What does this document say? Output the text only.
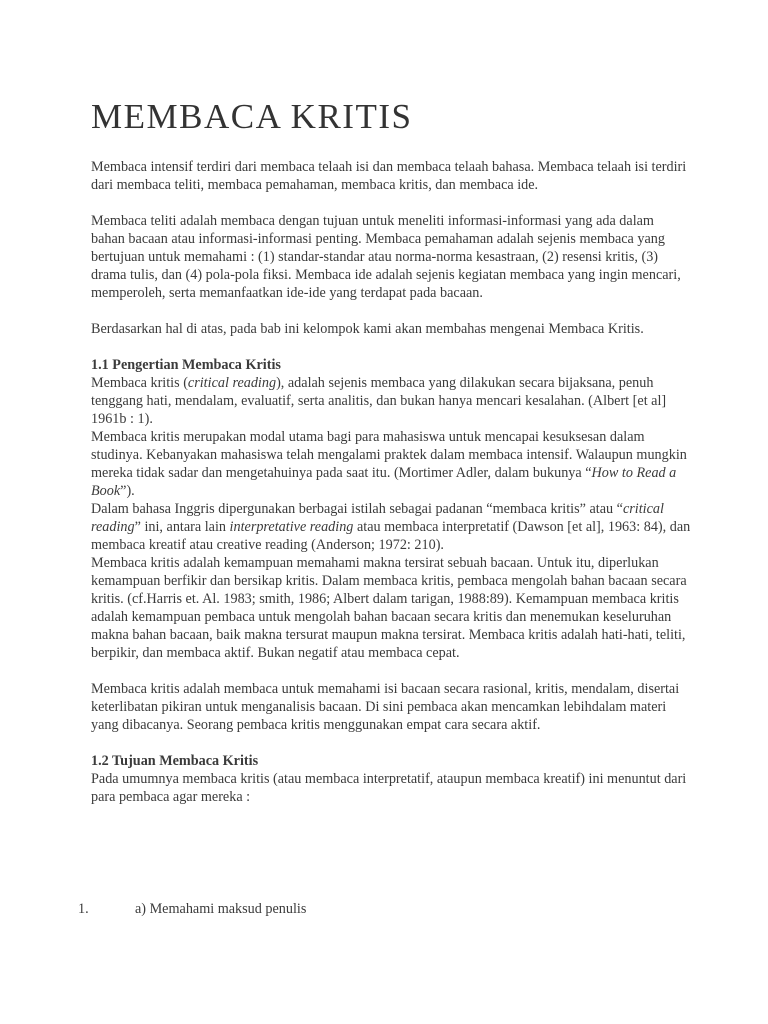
MEMBACA KRITIS

Membaca intensif terdiri dari membaca telaah isi dan membaca telaah bahasa. Membaca telaah isi terdiri dari membaca teliti, membaca pemahaman, membaca kritis, dan membaca ide.

Membaca teliti adalah membaca dengan tujuan untuk meneliti informasi-informasi yang ada dalam bahan bacaan atau informasi-informasi penting. Membaca pemahaman adalah sejenis membaca yang bertujuan untuk memahami : (1) standar-standar atau norma-norma kesastraan, (2) resensi kritis, (3) drama tulis, dan (4) pola-pola fiksi. Membaca ide adalah sejenis kegiatan membaca yang ingin mencari, memperoleh, serta memanfaatkan ide-ide yang terdapat pada bacaan.

Berdasarkan hal di atas, pada bab ini kelompok kami akan membahas mengenai Membaca Kritis.

1.1 Pengertian Membaca Kritis

Membaca kritis (critical reading), adalah sejenis membaca yang dilakukan secara bijaksana, penuh tenggang hati, mendalam, evaluatif, serta analitis, dan bukan hanya mencari kesalahan. (Albert [et al] 1961b : 1).

Membaca kritis merupakan modal utama bagi para mahasiswa untuk mencapai kesuksesan dalam studinya. Kebanyakan mahasiswa telah mengalami praktek dalam membaca intensif. Walaupun mungkin mereka tidak sadar dan mengetahuinya pada saat itu. (Mortimer Adler, dalam bukunya “How to Read a Book”).

Dalam bahasa Inggris dipergunakan berbagai istilah sebagai padanan “membaca kritis” atau “critical reading” ini, antara lain interpretative reading atau membaca interpretatif (Dawson [et al], 1963: 84), dan membaca kreatif atau creative reading (Anderson; 1972: 210).

Membaca kritis adalah kemampuan memahami makna tersirat sebuah bacaan. Untuk itu, diperlukan kemampuan berfikir dan bersikap kritis. Dalam membaca kritis, pembaca mengolah bahan bacaan secara kritis. (cf.Harris et. Al. 1983; smith, 1986; Albert dalam tarigan, 1988:89). Kemampuan membaca kritis adalah kemampuan pembaca untuk mengolah bahan bacaan secara kritis dan menemukan keseluruhan makna bahan bacaan, baik makna tersurat maupun makna tersirat. Membaca kritis adalah hati-hati, teliti, berpikir, dan membaca aktif. Bukan negatif atau membaca cepat.

Membaca kritis adalah membaca untuk memahami isi bacaan secara rasional, kritis, mendalam, disertai keterlibatan pikiran untuk menganalisis bacaan. Di sini pembaca akan mencamkan lebihdalam materi yang dibacanya. Seorang pembaca kritis menggunakan empat cara secara aktif.

1.2 Tujuan Membaca Kritis

Pada umumnya membaca kritis (atau membaca interpretatif, ataupun membaca kreatif) ini menuntut dari para pembaca agar mereka :

1.	a) Memahami maksud penulis
